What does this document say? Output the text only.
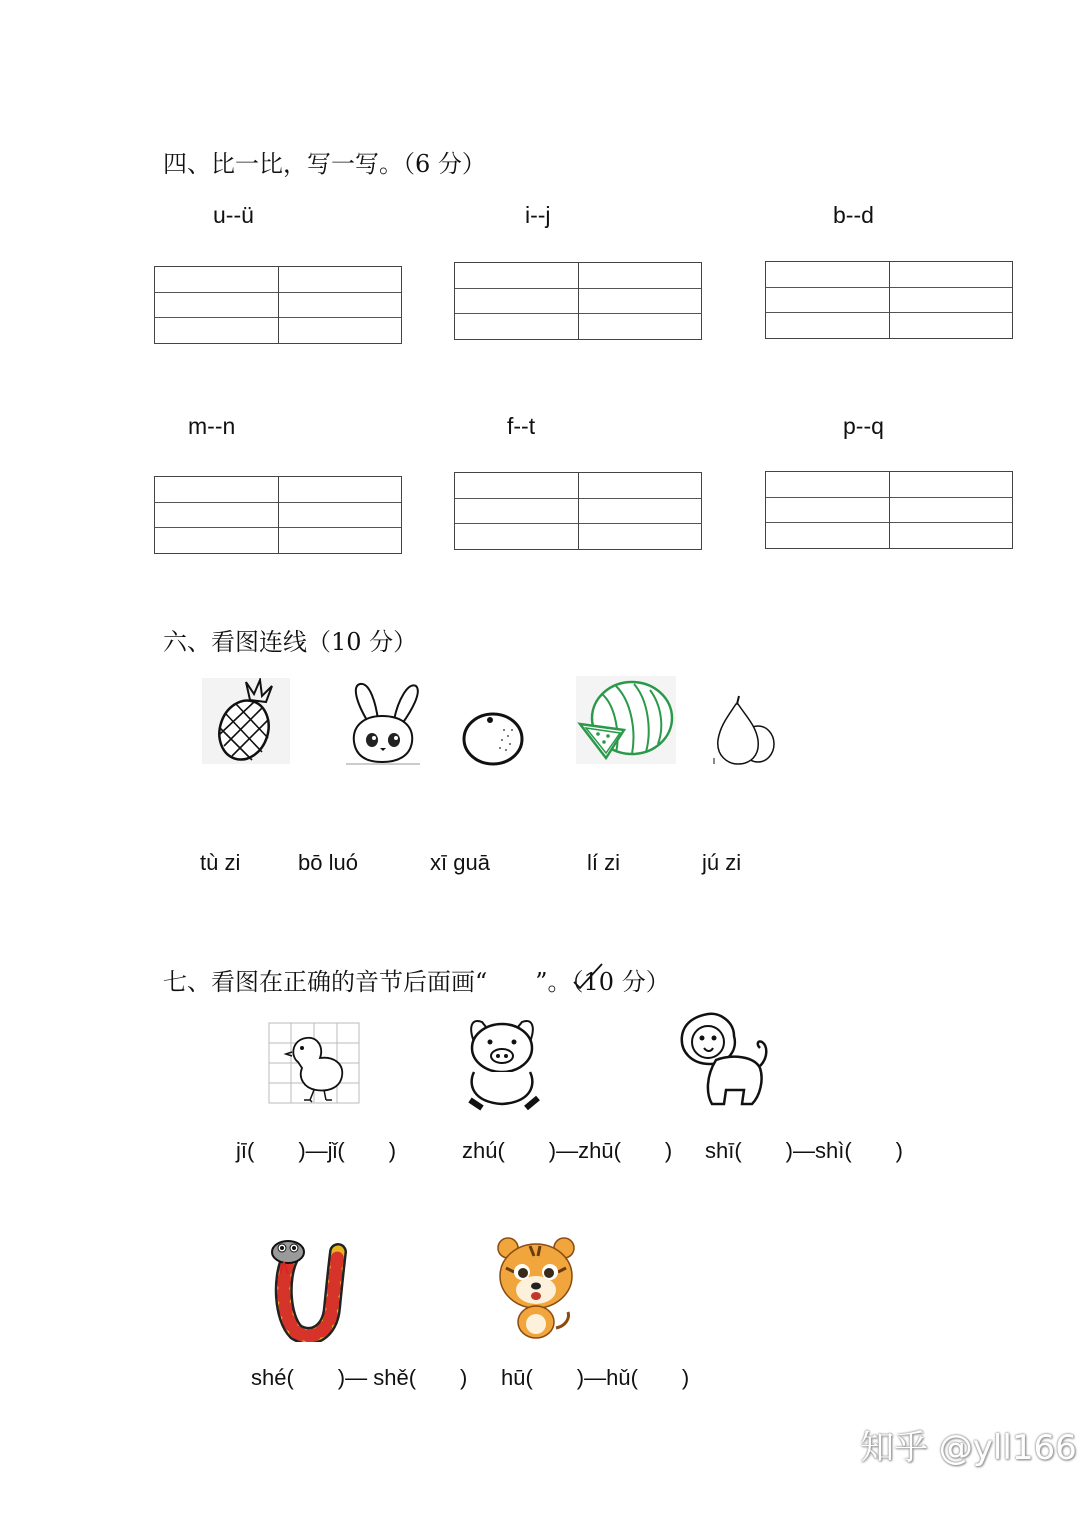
四、比一比，写一写。（6 分）
u--ü	i--j	b--d
m--n	f--t	p--q
六、看图连线（10 分）
tù zi	bō luó	xī guā	lí zi	jú zi
七、看图在正确的音节后面画“　　”。（10 分）
jī(　　)—jǐ(　　)	zhú(　　)—zhū(　　) shī(　　)—shì(　　)
shé(　　)— shě(　　) hū(　　)—hǔ(　　)
知乎 @yll166
